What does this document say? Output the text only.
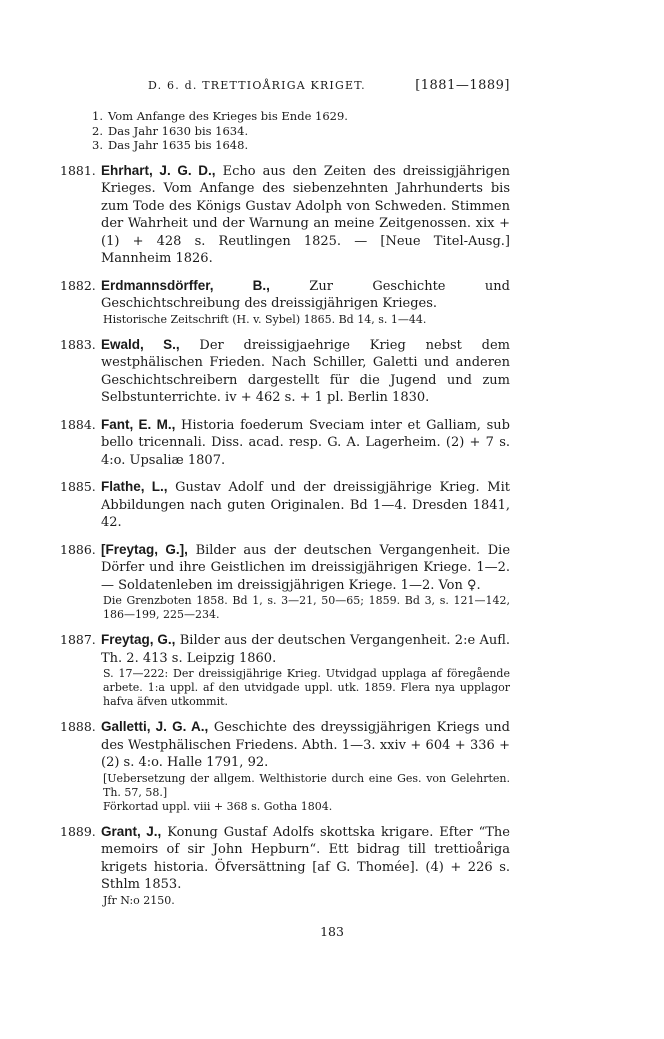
D. 6. d. TRETTIOÅRIGA KRIGET.	[1881—1889]
1. Vom Anfange des Krieges bis Ende 1629.
2. Das Jahr 1630 bis 1634.
3. Das Jahr 1635 bis 1648.
1881. Ehrhart, J. G. D., Echo aus den Zeiten des dreissigjährigen Krieges. Vom Anfange des siebenzehnten Jahrhunderts bis zum Tode des Königs Gustav Adolph von Schweden. Stimmen der Wahrheit und der Warnung an meine Zeitgenossen. xix + (1) + 428 s. Reutlingen 1825. — [Neue Titel-Ausg.] Mannheim 1826.

1882. Erdmannsdörffer, B.,	Zur Geschichte und Geschichtschreibung des dreissigjährigen Krieges.

Historische Zeitschrift (H. v. Sybel) 1865. Bd 14, s. 1—44.

1883. Ewald, S., Der dreissigjaehrige Krieg nebst dem westphälischen Frieden. Nach Schiller, Galetti und anderen Geschichtschreibern dargestellt für die Jugend und zum Selbstunterrichte. iv + 462 s. + 1 pl. Berlin 1830.

1884. Fant, E. M., Historia foederum Sveciam inter et Galliam, sub bello tricennali. Diss. acad. resp. G. A. Lagerheim. (2) + 7 s. 4:o. Upsaliæ 1807.

1885. Flathe, L., Gustav Adolf und der dreissigjährige Krieg. Mit Abbildungen nach guten Originalen. Bd 1—4. Dresden 1841, 42.

1886. [Freytag, G.], Bilder aus der deutschen Vergangenheit. Die Dörfer und ihre Geistlichen im dreissigjährigen Kriege. 1—2. — Soldatenleben im dreissigjährigen Kriege. 1—2. Von ♀.

Die Grenzboten 1858. Bd 1, s. 3—21, 50—65; 1859. Bd 3, s. 121—142, 186—199, 225—234.

1887. Freytag, G., Bilder aus der deutschen Vergangenheit. 2:e Aufl. Th. 2. 413 s. Leipzig 1860.

S. 17—222: Der dreissigjährige Krieg. Utvidgad upplaga af föregående arbete. 1:a uppl. af den utvidgade uppl. utk. 1859. Flera nya upplagor hafva äfven utkommit.

1888. Galletti, J. G. A., Geschichte des dreyssigjährigen Kriegs und des Westphälischen Friedens. Abth. 1—3. xxiv + 604 + 336 + (2) s. 4:o. Halle 1791, 92.

[Uebersetzung der allgem. Welthistorie durch eine Ges. von Gelehrten. Th. 57, 58.]

Förkortad uppl. viii + 368 s. Gotha 1804.

1889. Grant, J., Konung Gustaf Adolfs skottska krigare. Efter “The memoirs of sir John Hepburn“. Ett bidrag till trettioåriga krigets historia. Öfversättning [af G. Thomée]. (4) + 226 s. Sthlm 1853.

Jfr N:o 2150.

183
